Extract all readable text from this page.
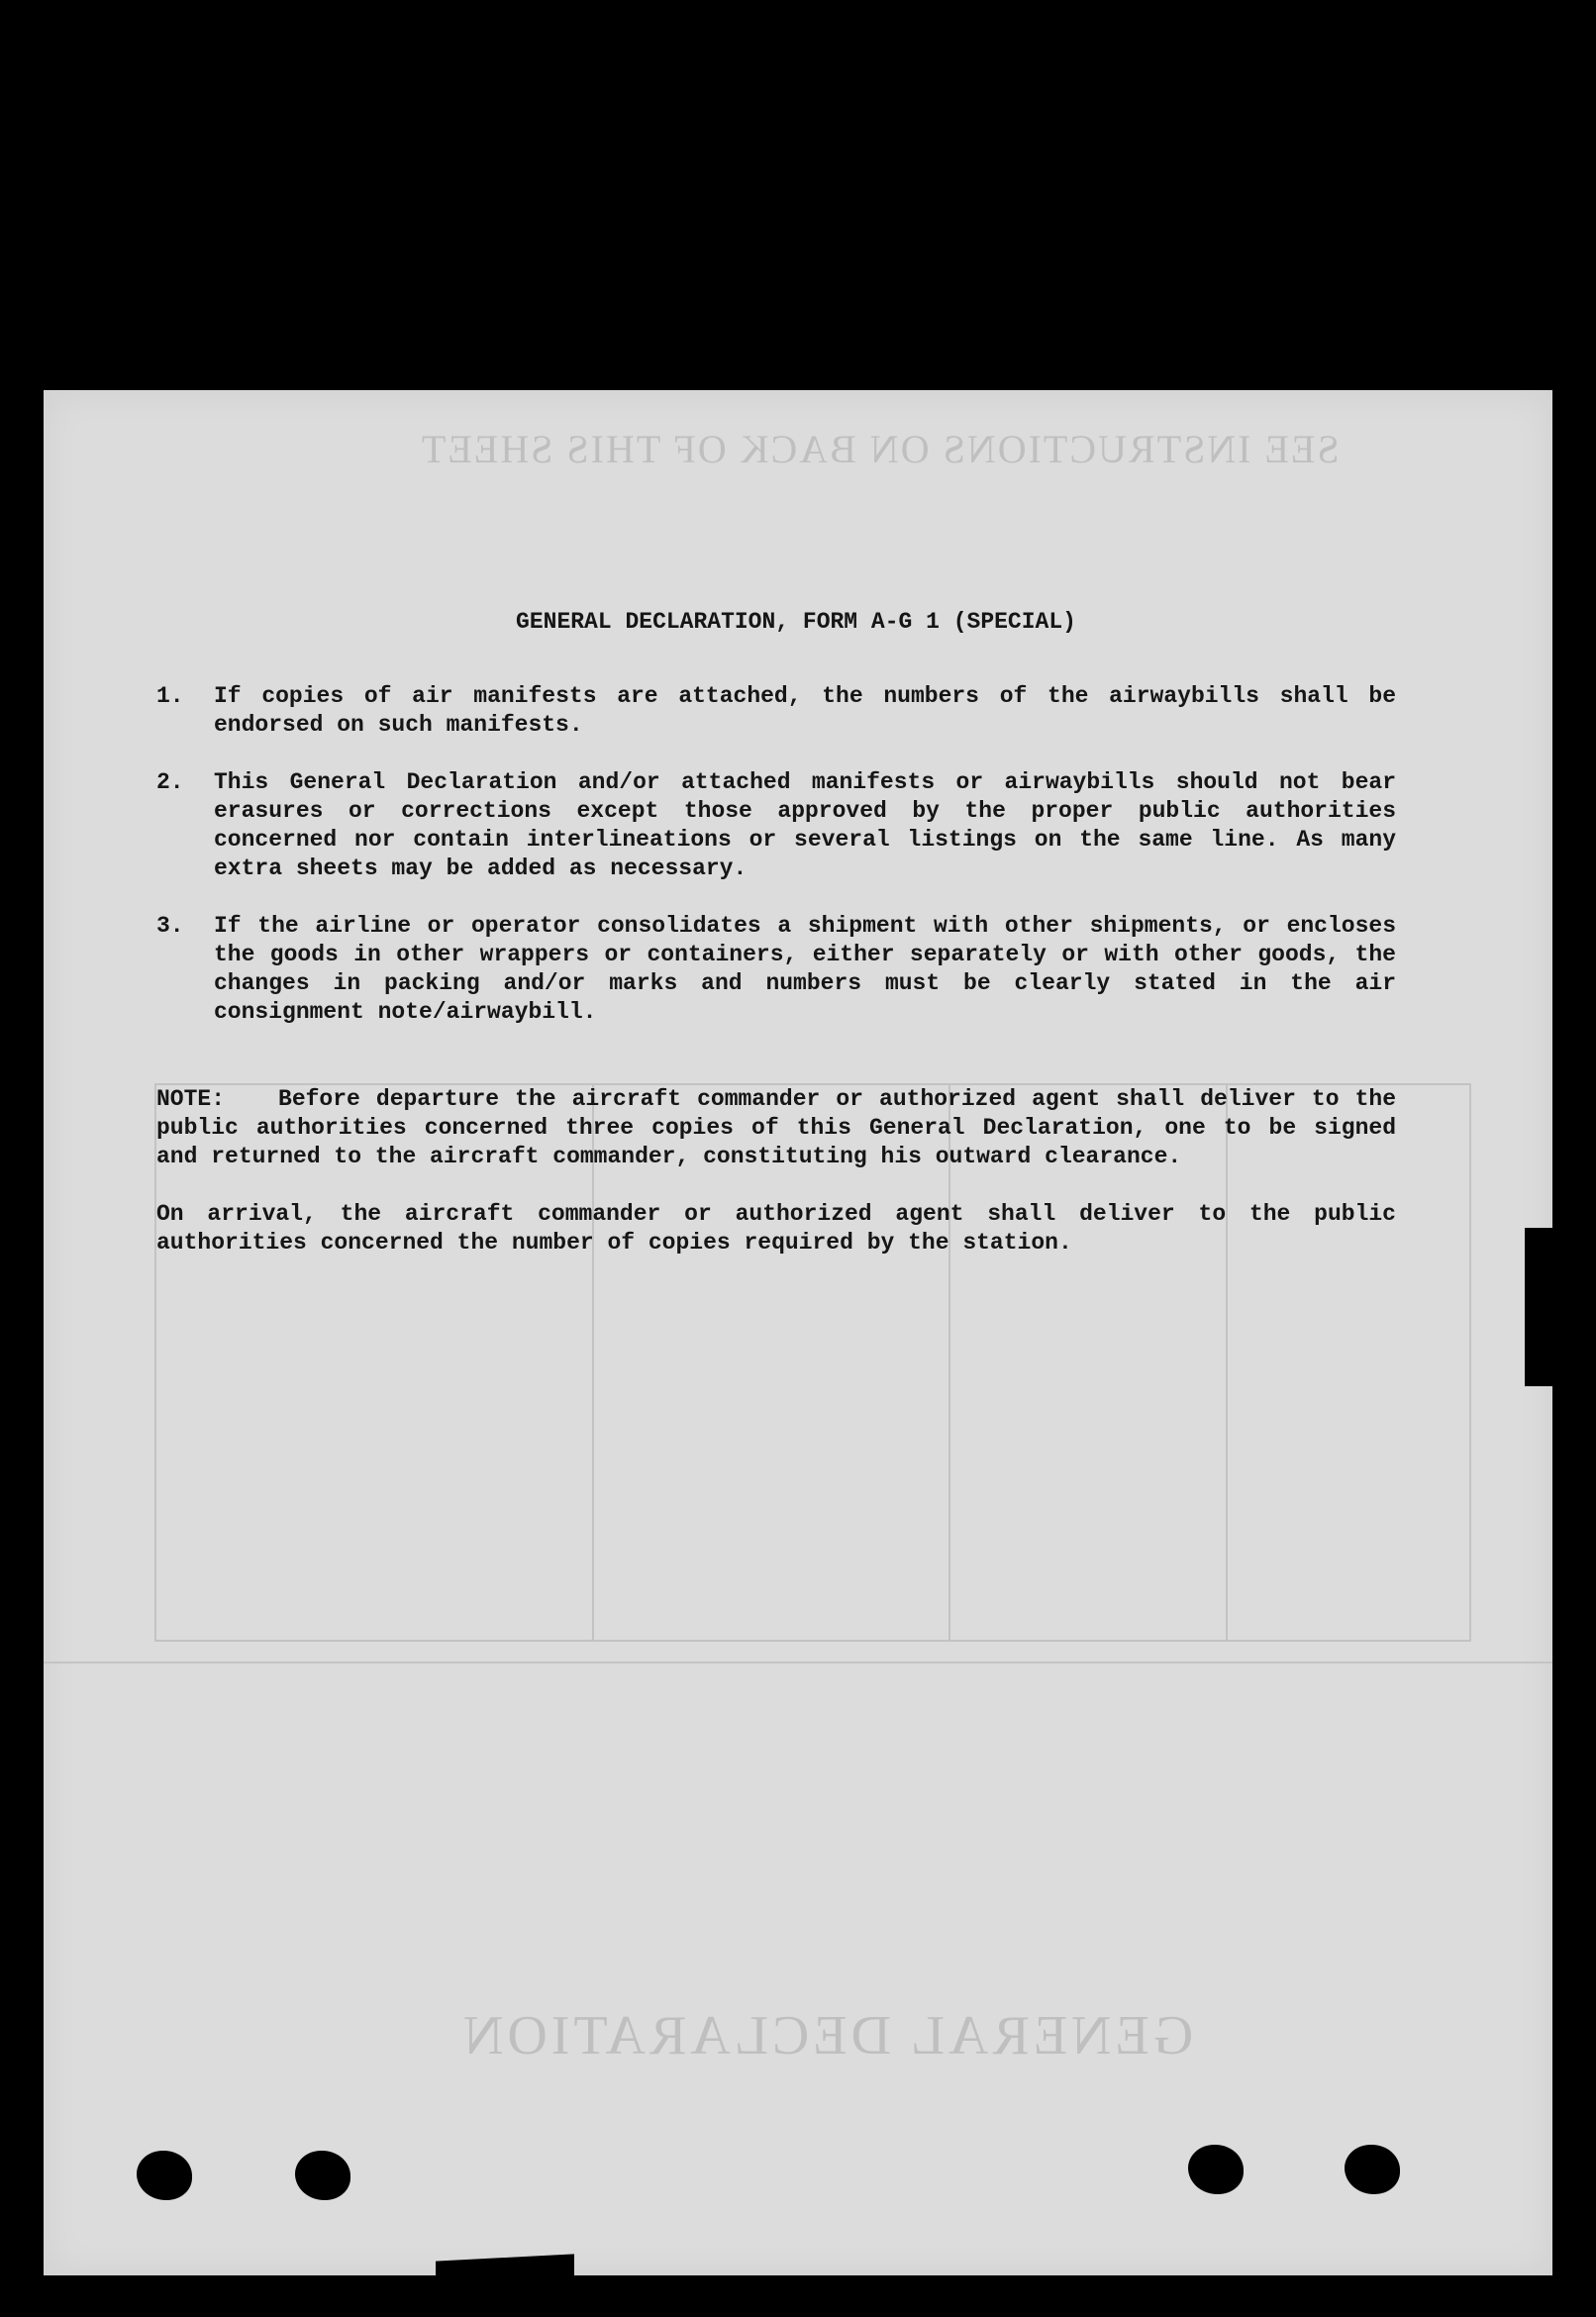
SEE INSTRUCTIONS ON BACK OF THIS SHEET
GENERAL DECLARATION
GENERAL DECLARATION, FORM A-G 1 (SPECIAL)
1.	If copies of air manifests are attached, the numbers of the airwaybills shall be endorsed on such manifests.
2.	This General Declaration and/or attached manifests or airwaybills should not bear erasures or corrections except those approved by the proper public authorities concerned nor contain interlineations or several listings on the same line. As many extra sheets may be added as necessary.
3.	If the airline or operator consolidates a shipment with other shipments, or encloses the goods in other wrappers or containers, either separately or with other goods, the changes in packing and/or marks and numbers must be clearly stated in the air consignment note/airwaybill.
NOTE: Before departure the aircraft commander or authorized agent shall deliver to the public authorities concerned three copies of this General Declaration, one to be signed and returned to the aircraft commander, constituting his outward clearance.
On arrival, the aircraft commander or authorized agent shall deliver to the public authorities concerned the number of copies required by the station.
